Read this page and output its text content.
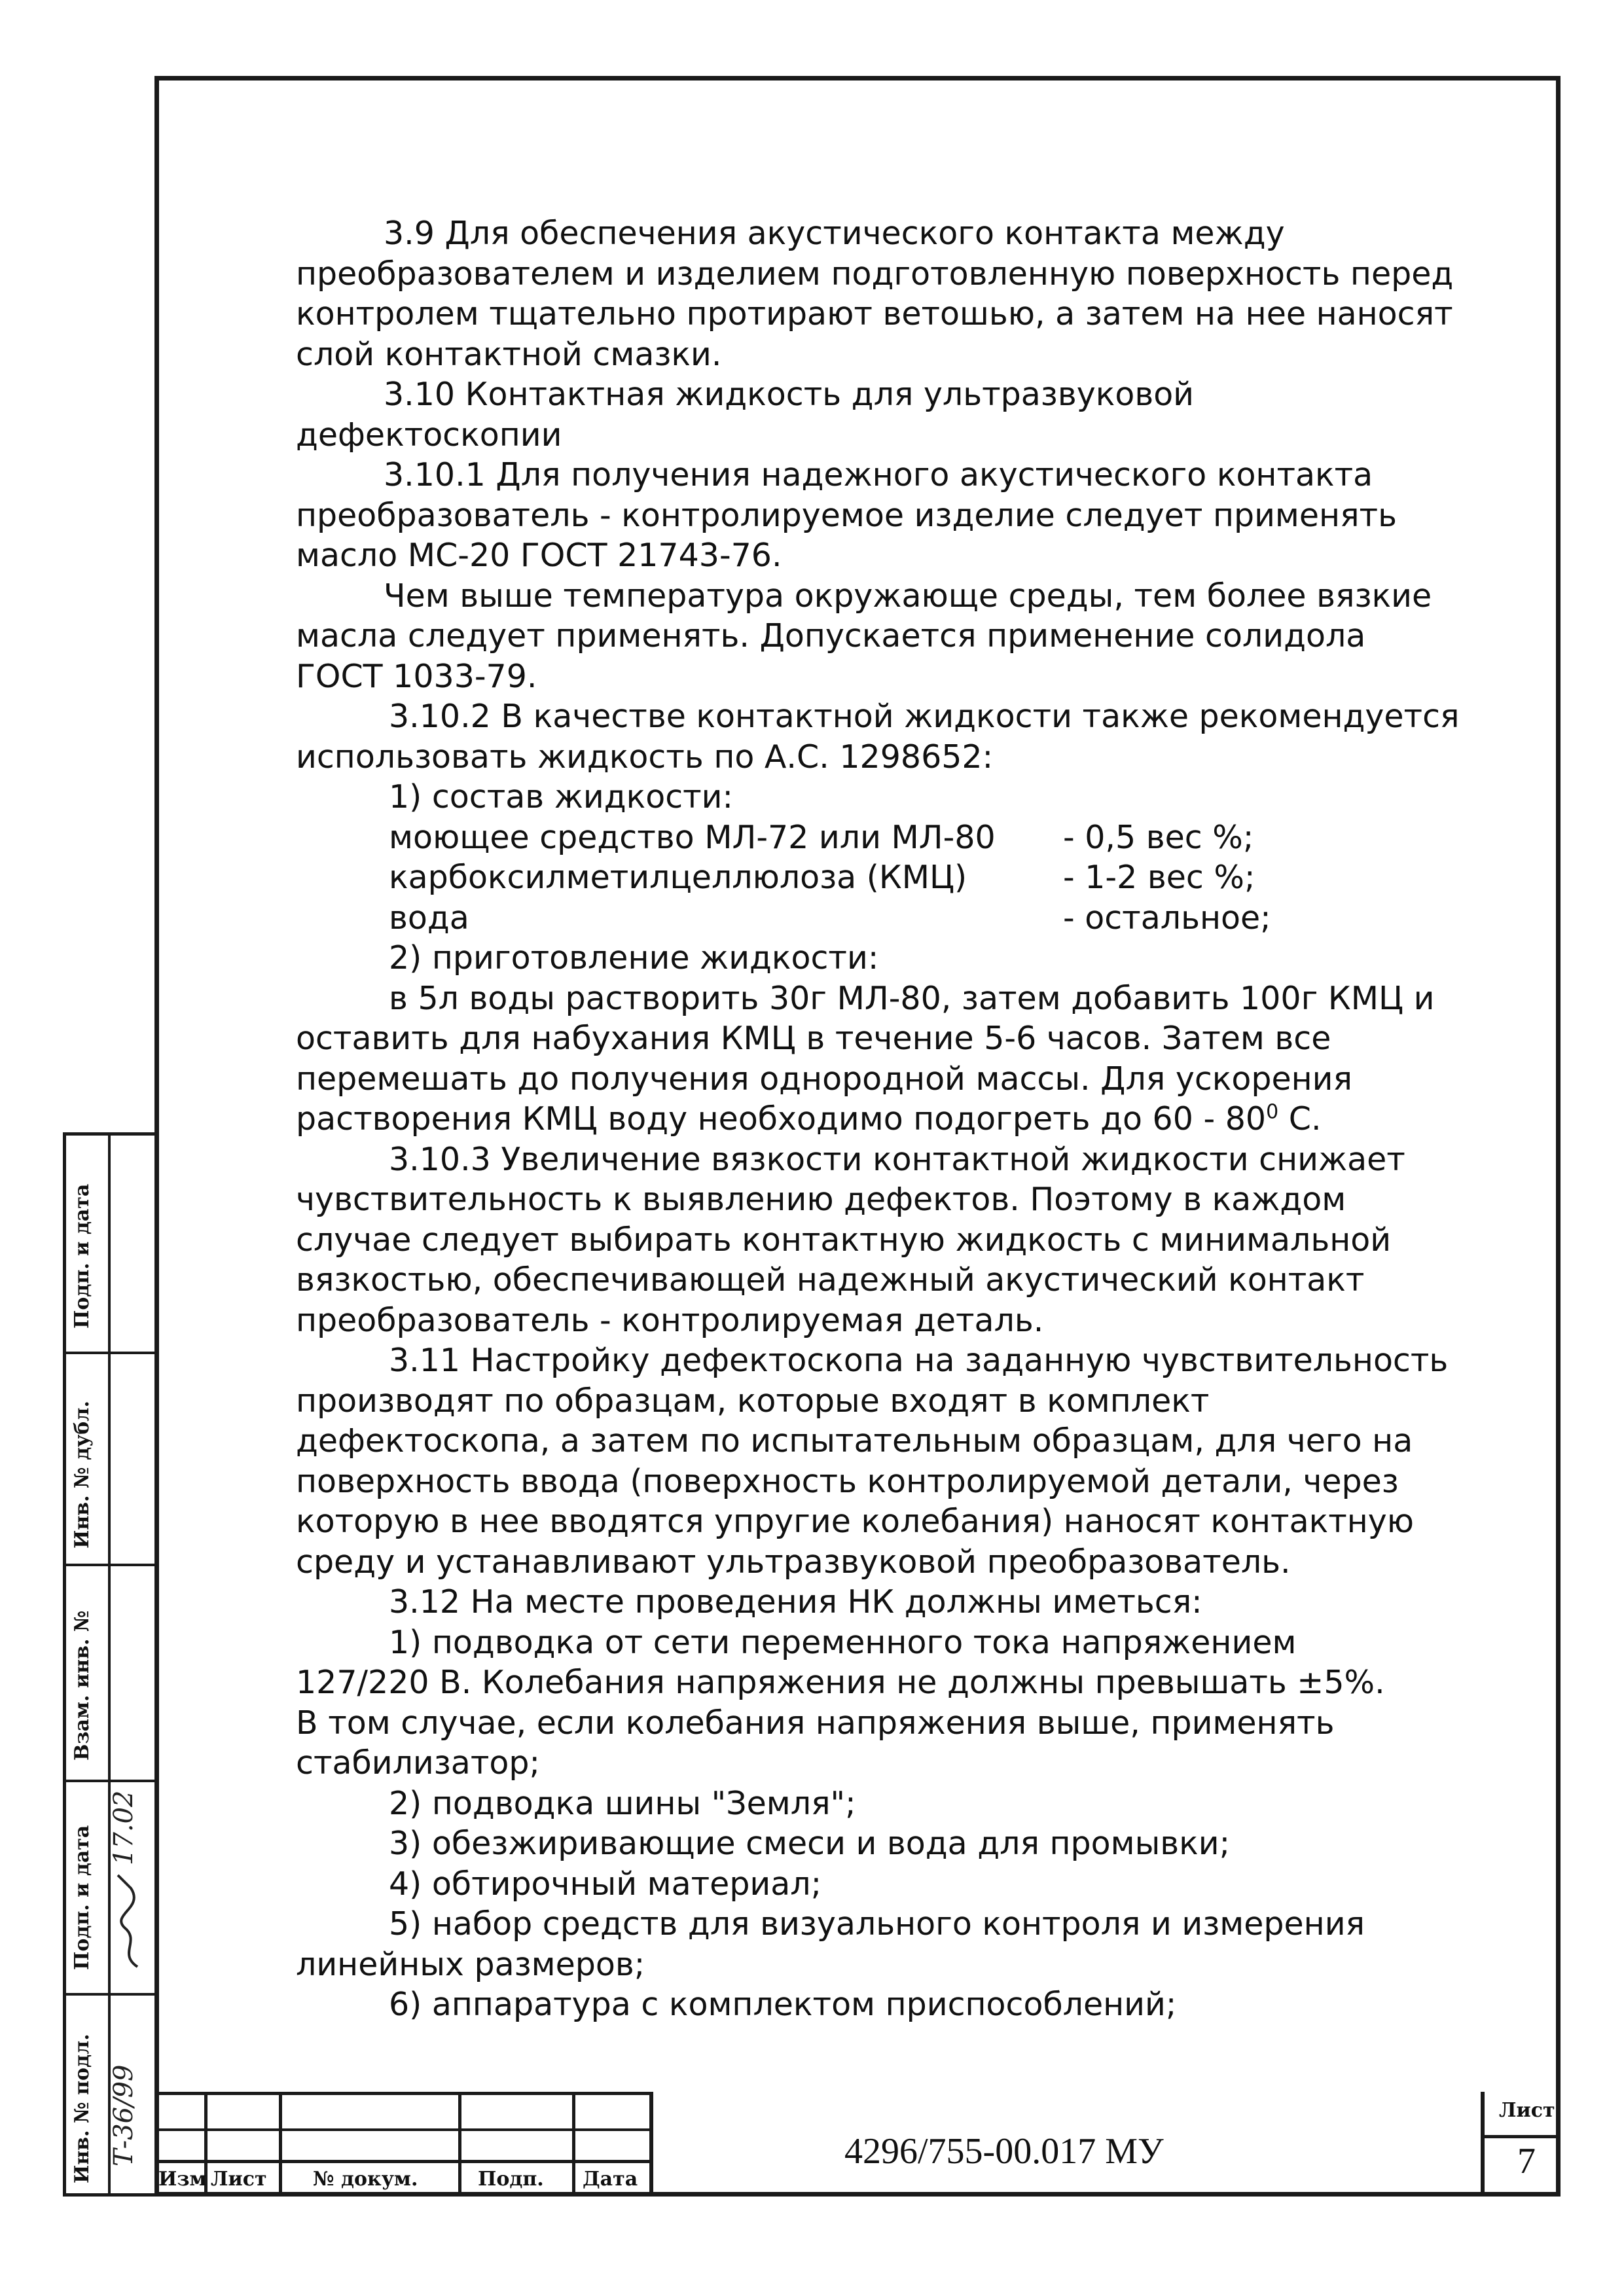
3.9 Для обеспечения акустического контакта между

преобразователем и изделием подготовленную поверхность перед

контролем тщательно протирают ветошью, а затем на нее наносят

слой контактной смазки.

3.10 Контактная жидкость для ультразвуковой

дефектоскопии

3.10.1 Для получения надежного акустического контакта

преобразователь - контролируемое изделие следует применять

масло МС-20 ГОСТ 21743-76.

Чем выше температура окружающе среды, тем более вязкие

масла следует применять. Допускается применение солидола

ГОСТ 1033-79.

3.10.2 В качестве контактной жидкости также рекомендуется

использовать жидкость по А.С. 1298652:

1) состав жидкости:

моющее средство МЛ-72 или МЛ-80	- 0,5 вес %;
карбоксилметилцеллюлоза (КМЦ)	- 1-2 вес %;
вода	- остальное;

2) приготовление жидкости:

в 5л воды растворить 30г МЛ-80, затем добавить 100г КМЦ и

оставить для набухания КМЦ в течение 5-6 часов. Затем все

перемешать до получения однородной массы. Для ускорения

растворения КМЦ воду необходимо подогреть до $60 - 80^0$ С.

3.10.3 Увеличение вязкости контактной жидкости снижает

чувствительность к выявлению дефектов. Поэтому в каждом

случае следует выбирать контактную жидкость с минимальной

вязкостью, обеспечивающей надежный акустический контакт

преобразователь - контролируемая деталь.

3.11 Настройку дефектоскопа на заданную чувствительность

производят по образцам, которые входят в комплект

дефектоскопа, а затем по испытательным образцам, для чего на

поверхность ввода (поверхность контролируемой детали, через

которую в нее вводятся упругие колебания) наносят контактную

среду и устанавливают ультразвуковой преобразователь.

3.12 На месте проведения НК должны иметься:

1) подводка от сети переменного тока напряжением

127/220 В. Колебания напряжения не должны превышать ±5%.

В том случае, если колебания напряжения выше, применять

стабилизатор;

2) подводка шины "Земля";

3) обезжиривающие смеси и вода для промывки;

4) обтирочный материал;

5) набор средств для визуального контроля и измерения

линейных размеров;

6) аппаратура с комплектом приспособлений;

Подп. и дата
Инв. № дубл.
Взам. инв. №
Подп. и дата
Инв. № подл.
17.02
Т-36/99
Изм Лист № докум.	Подп. Дата
4296/755-00.017 МУ
Лист
7
